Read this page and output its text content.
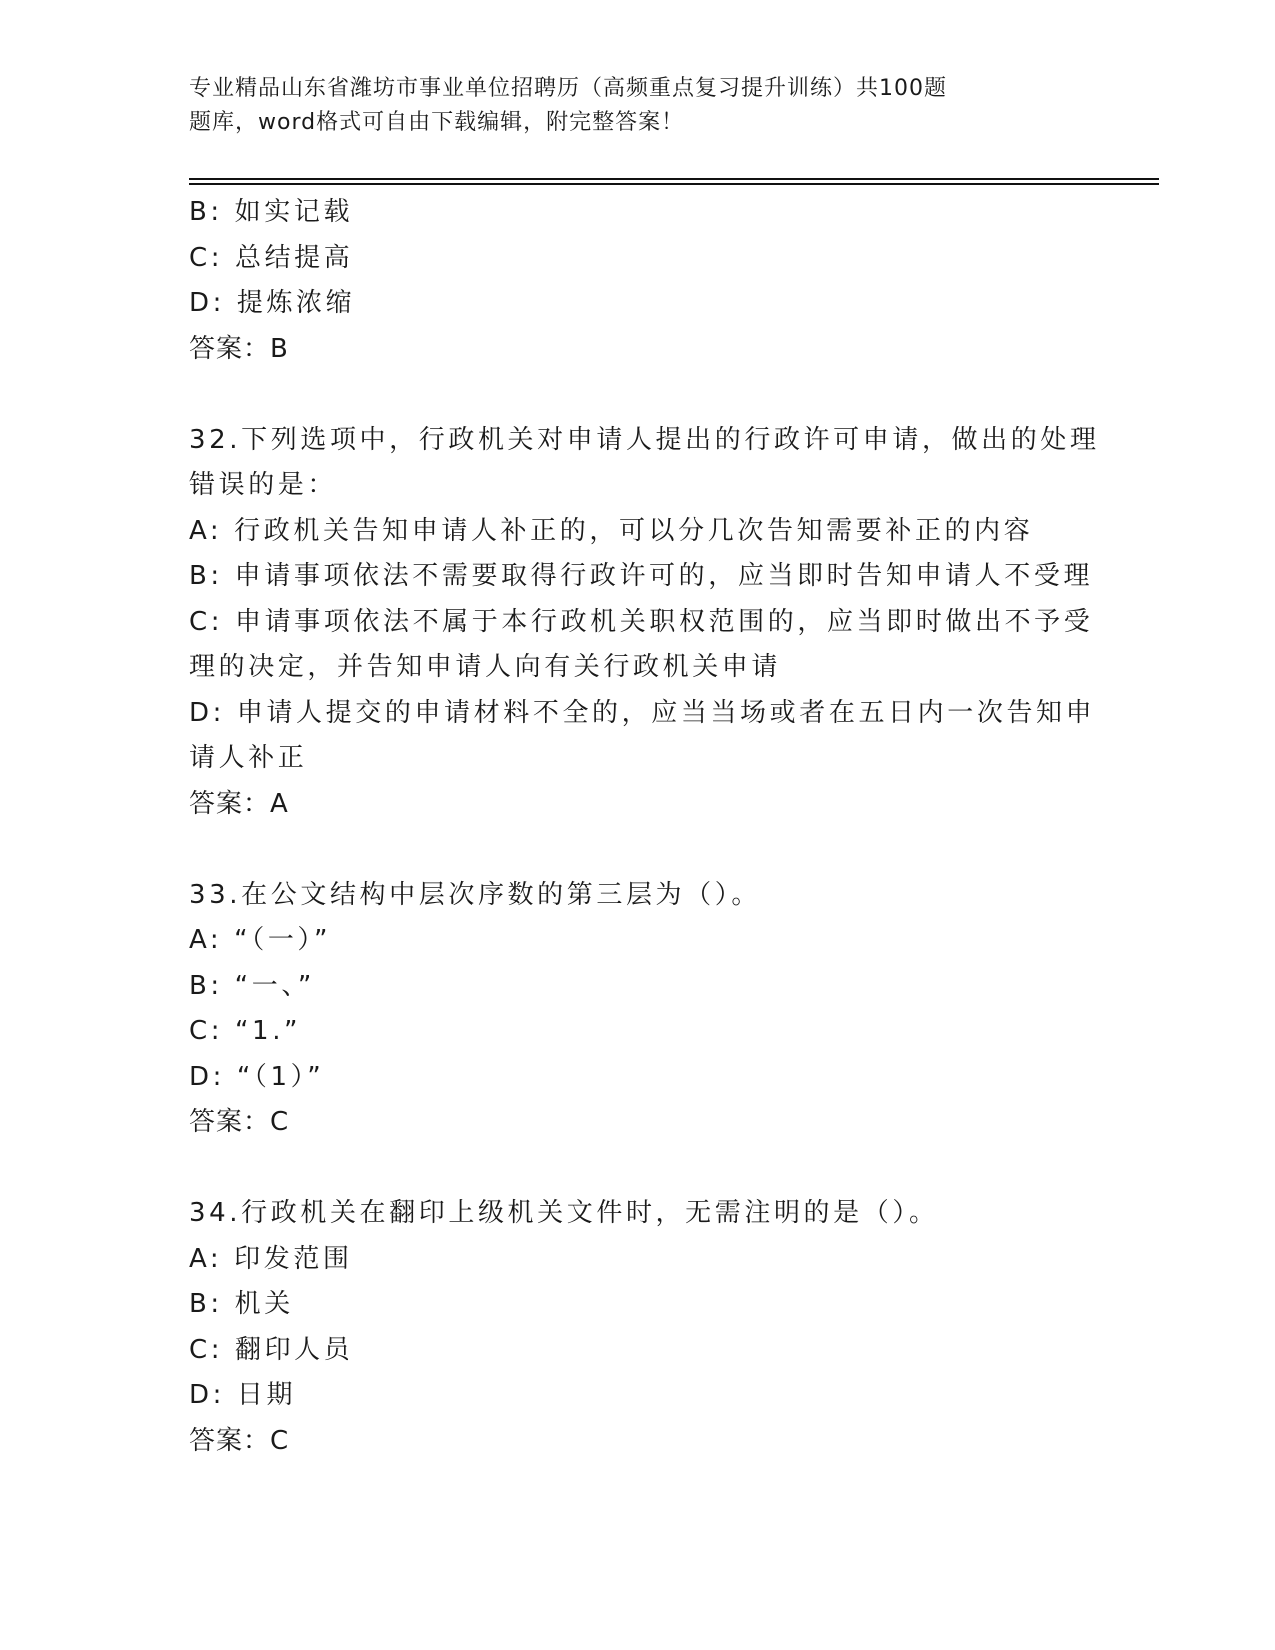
专业精品山东省潍坊市事业单位招聘历（高频重点复习提升训练）共100题
题库，word格式可自由下载编辑，附完整答案！
B: 如实记载
C: 总结提高
D: 提炼浓缩
答案：B
32.下列选项中，行政机关对申请人提出的行政许可申请，做出的处理
错误的是：
A: 行政机关告知申请人补正的，可以分几次告知需要补正的内容
B: 申请事项依法不需要取得行政许可的，应当即时告知申请人不受理
C: 申请事项依法不属于本行政机关职权范围的，应当即时做出不予受
理的决定，并告知申请人向有关行政机关申请
D: 申请人提交的申请材料不全的，应当当场或者在五日内一次告知申
请人补正
答案：A
33.在公文结构中层次序数的第三层为（）。
A: “（一）”
B: “一、”
C: “1.”
D: “（1）”
答案：C
34.行政机关在翻印上级机关文件时，无需注明的是（）。
A: 印发范围
B: 机关
C: 翻印人员
D: 日期
答案：C
